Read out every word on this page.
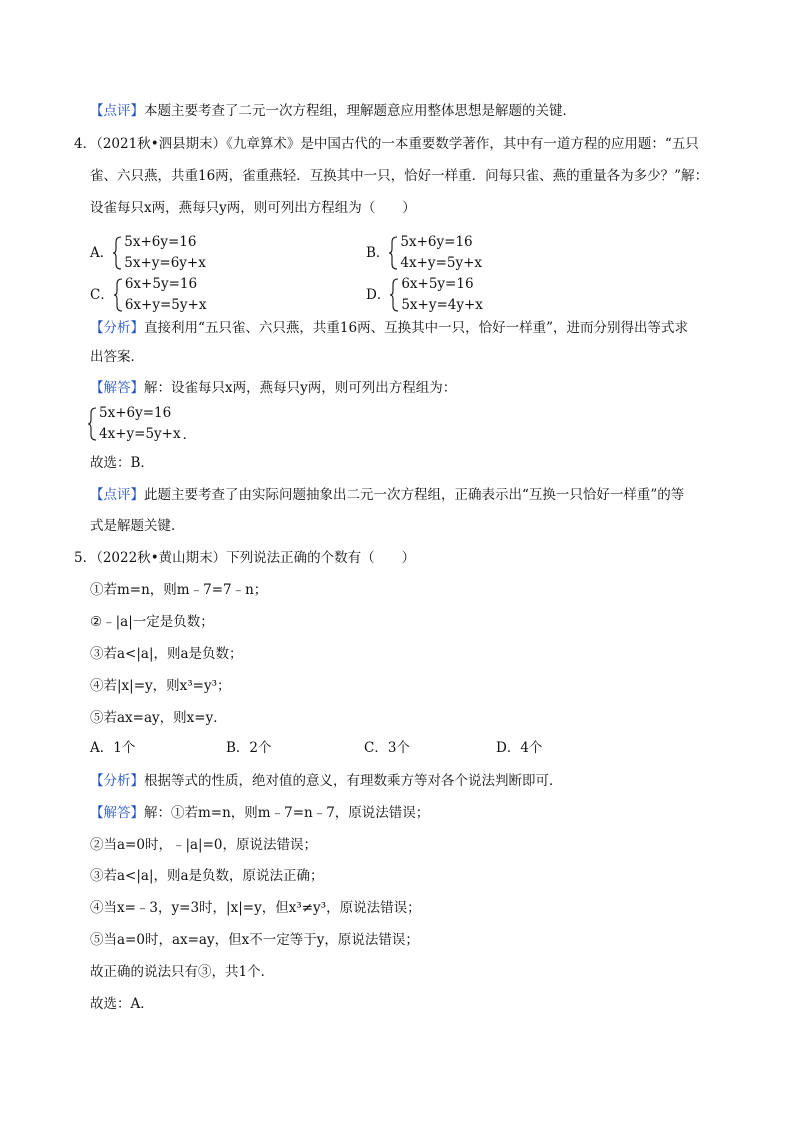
【点评】本题主要考查了二元一次方程组，理解题意应用整体思想是解题的关键．
4．（2021秋•泗县期末）《九章算术》是中国古代的一本重要数学著作，其中有一道方程的应用题：“五只
雀、六只燕，共重16两，雀重燕轻．互换其中一只，恰好一样重．问每只雀、燕的重量各为多少？”解：
设雀每只x两，燕每只y两，则可列出方程组为（　　）
A．
5x+6y=16
5x+y=6y+x
B．
5x+6y=16
4x+y=5y+x
C．
6x+5y=16
6x+y=5y+x
D．
6x+5y=16
5x+y=4y+x
【分析】直接利用“五只雀、六只燕，共重16两、互换其中一只，恰好一样重”，进而分别得出等式求
出答案．
【解答】解：设雀每只x两，燕每只y两，则可列出方程组为：
5x+6y=16
4x+y=5y+x ．
故选：B．
【点评】此题主要考查了由实际问题抽象出二元一次方程组，正确表示出“互换一只恰好一样重”的等
式是解题关键．
5．（2022秋•黄山期末）下列说法正确的个数有（　　）
①若m=n，则m﹣7=7﹣n；
②﹣|a|一定是负数；
③若a<|a|，则a是负数；
④若|x|=y，则x³=y³；
⑤若ax=ay，则x=y．
A．1个	B．2个	C．3个	D．4个
【分析】根据等式的性质，绝对值的意义，有理数乘方等对各个说法判断即可．
【解答】解：①若m=n，则m﹣7=n﹣7，原说法错误；
②当a=0时，﹣|a|=0，原说法错误；
③若a<|a|，则a是负数，原说法正确；
④当x=﹣3，y=3时，|x|=y，但x³≠y³，原说法错误；
⑤当a=0时，ax=ay，但x不一定等于y，原说法错误；
故正确的说法只有③，共1个．
故选：A．
